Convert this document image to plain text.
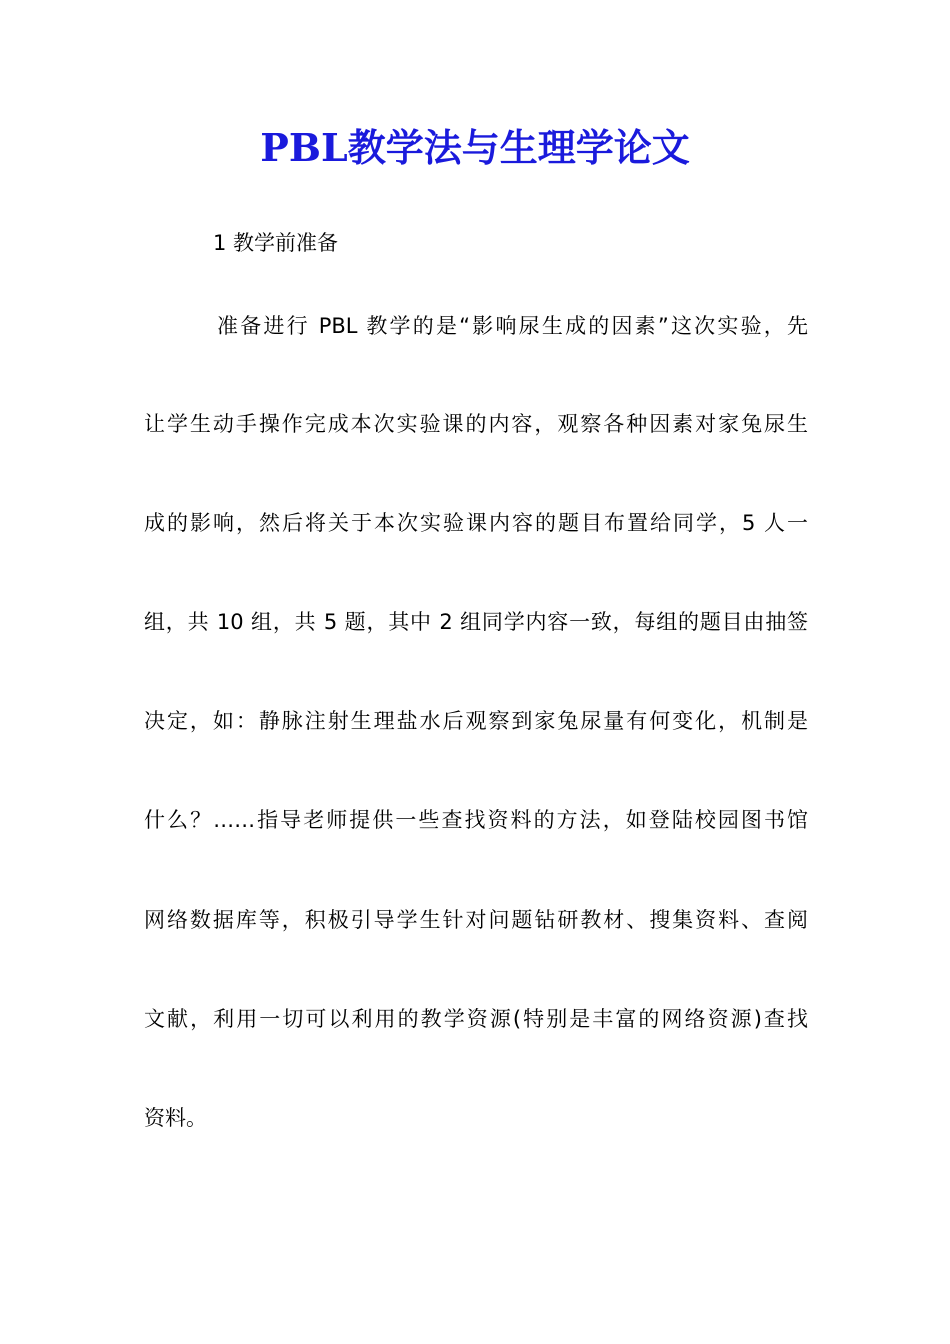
PBL教学法与生理学论文

1 教学前准备

准备进行 PBL 教学的是“影响尿生成的因素”这次实验，先

让学生动手操作完成本次实验课的内容，观察各种因素对家兔尿生

成的影响，然后将关于本次实验课内容的题目布置给同学，5 人一

组，共 10 组，共 5 题，其中 2 组同学内容一致，每组的题目由抽签

决定，如：静脉注射生理盐水后观察到家兔尿量有何变化，机制是

什么？……指导老师提供一些查找资料的方法，如登陆校园图书馆

网络数据库等，积极引导学生针对问题钻研教材、搜集资料、查阅

文献，利用一切可以利用的教学资源(特别是丰富的网络资源)查找

资料。
